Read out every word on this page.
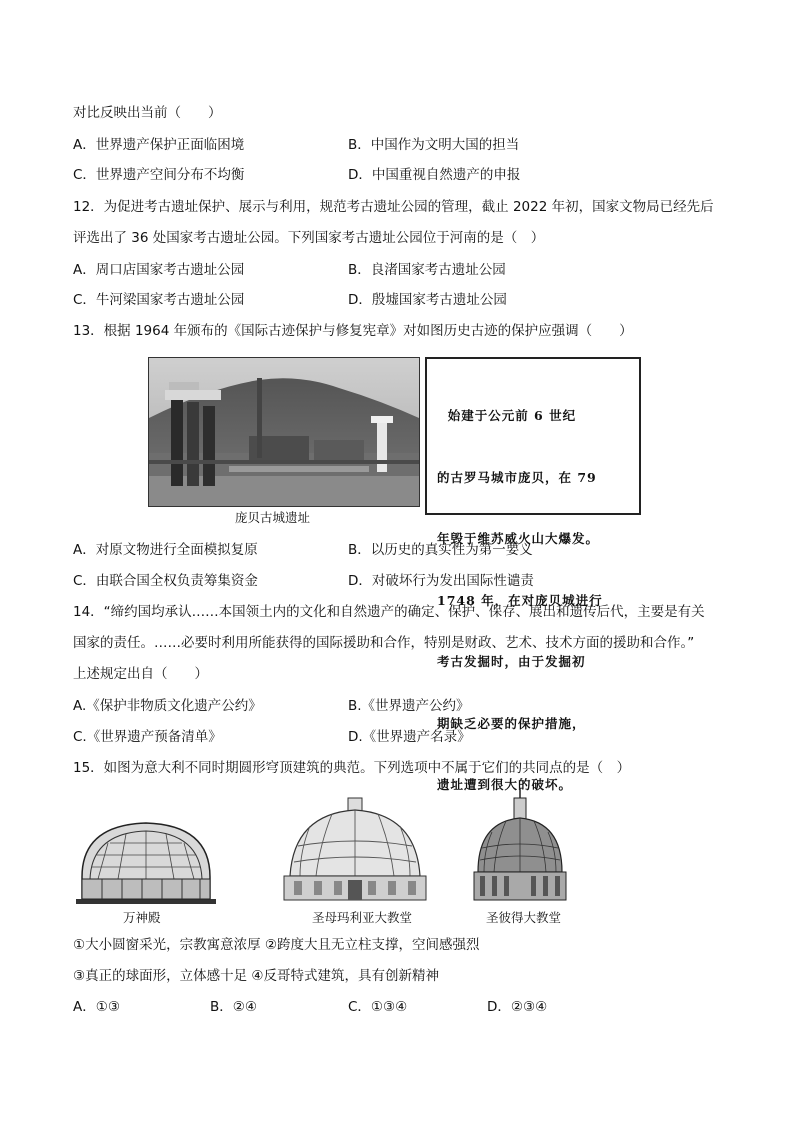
对比反映出当前（　　）
A．世界遗产保护正面临困境	B．中国作为文明大国的担当
C．世界遗产空间分布不均衡	D．中国重视自然遗产的申报
12．为促进考古遗址保护、展示与利用，规范考古遗址公园的管理，截止 2022 年初，国家文物局已经先后
评选出了 36 处国家考古遗址公园。下列国家考古遗址公园位于河南的是（　）
A．周口店国家考古遗址公园	B．良渚国家考古遗址公园
C．牛河梁国家考古遗址公园	D．殷墟国家考古遗址公园
13．根据 1964 年颁布的《国际古迹保护与修复宪章》对如图历史古迹的保护应强调（　　）
庞贝古城遗址

始建于公元前 6 世纪

的古罗马城市庞贝，在 79

年毁于维苏威火山大爆发。

1748 年，在对庞贝城进行

考古发掘时，由于发掘初

期缺乏必要的保护措施，

遗址遭到很大的破坏。

A．对原文物进行全面模拟复原	B．以历史的真实性为第一要义
C．由联合国全权负责筹集资金	D．对破坏行为发出国际性谴责
14．“缔约国均承认……本国领土内的文化和自然遗产的确定、保护、保存、展出和遗传后代，主要是有关
国家的责任。……必要时利用所能获得的国际援助和合作，特别是财政、艺术、技术方面的援助和合作。”
上述规定出自（　　）
A.《保护非物质文化遗产公约》	B.《世界遗产公约》
C.《世界遗产预备清单》	D.《世界遗产名录》
15．如图为意大利不同时期圆形穹顶建筑的典范。下列选项中不属于它们的共同点的是（　）
万神殿	圣母玛利亚大教堂	圣彼得大教堂
①大小圆窗采光，宗教寓意浓厚 ②跨度大且无立柱支撑，空间感强烈
③真正的球面形，立体感十足 ④反哥特式建筑，具有创新精神
A．①③	B．②④	C．①③④	D．②③④
